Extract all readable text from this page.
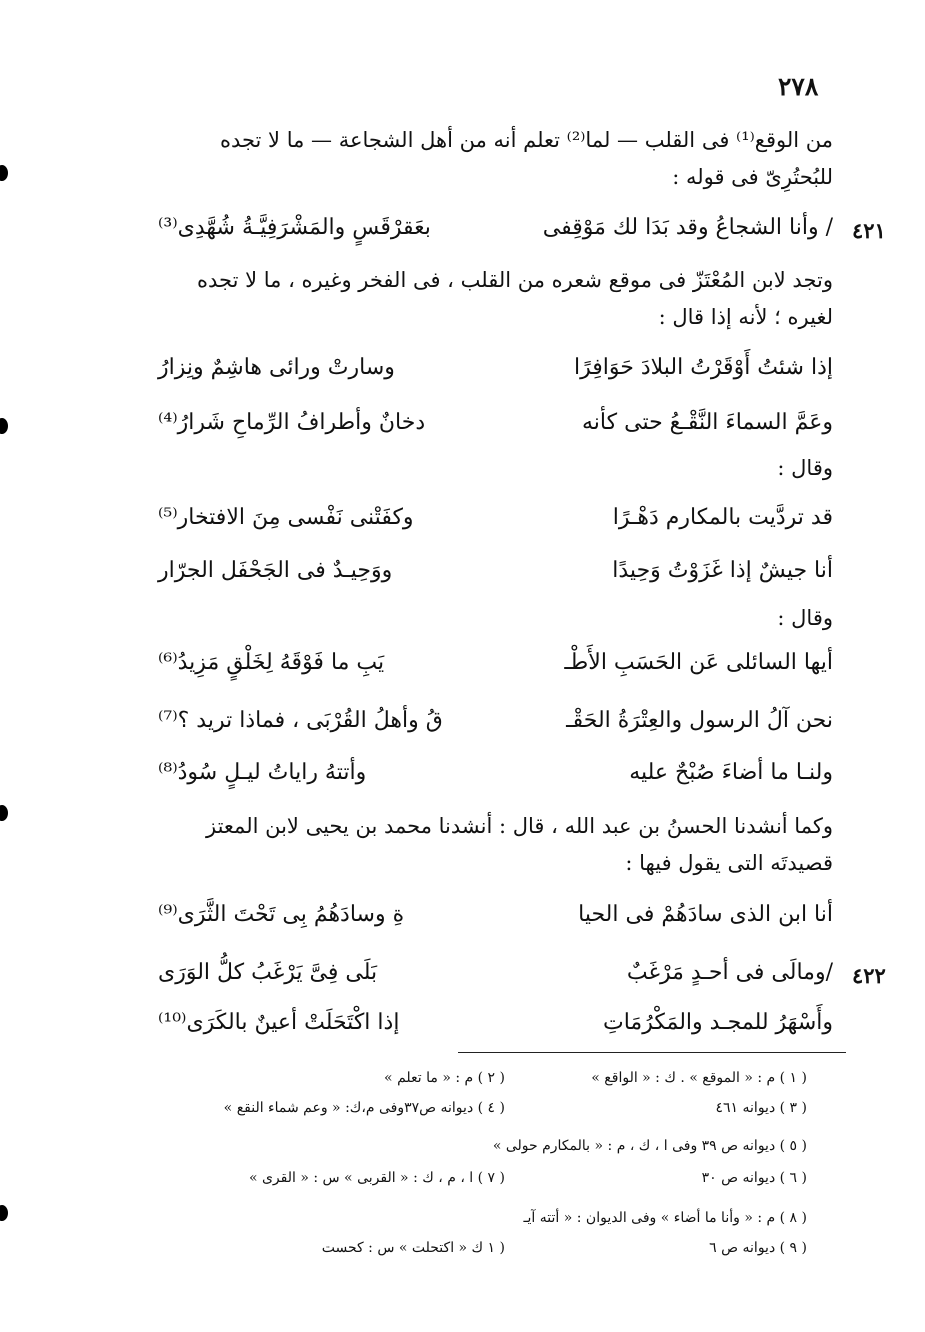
٢٧٨
من الوقع⁽¹⁾ فى القلب — لما⁽²⁾ تعلم أنه من أهل الشجاعة — ما لا تجده
للبُحتُرِىّ فى قوله :
٤٢١
/ وأنا الشجاعُ وقد بَدَا لك مَوْقِفى
بعَقرْقَسٍ والمَشْرَفِيَّـةُ شُهَّدِى⁽³⁾
وتجد لابن المُعْتَزّ فى موقع شعره من القلب ، فى الفخر وغيره ، ما لا تجده
لغيره ؛ لأنه إذا قال :
إذا شئتُ أَوْقَرْتُ البلادَ حَوَافِرًا
وسارتْ ورائى هاشِمٌ ونِزارُ
وعَمَّ السماءَ النَّقْـعُ حتى كأنه
دخانٌ وأطرافُ الرِّماحِ شَرارُ⁽⁴⁾
وقال :
قد تردَّيت بالمكارم دَهْـرًا
وكفَتْنى نَفْسى مِنَ الافتخار⁽⁵⁾
أنا جيشٌ إذا غَزَوْتُ وَحِيدًا
ووَحِيـدٌ فى الجَحْفَل الجرّار
وقال :
أيها السائلى عَن الحَسَبِ الأَطْـ
يَبِ ما فَوْقَهُ لِخَلْقٍ مَزِيدُ⁽⁶⁾
نحن آلُ الرسول والعِتْرَةُ الحَقْـ
قُ وأهلُ القُرْبَى ، فماذا تريد ؟⁽⁷⁾
ولنـا ما أضاءَ صُبْحٌ عليه
وأتتهُ راياتُ ليـلٍ سُودُ⁽⁸⁾
وكما أنشدنا الحسنُ بن عبد الله ، قال : أنشدنا محمد بن يحيى لابن المعتز
قصيدتَه التى يقول فيها :
أنا ابن الذى سادَهُمْ فى الحيا
ةِ وسادَهُمُ بِى تَحْتَ الثَّرَى⁽⁹⁾
٤٢٢
/ومالَى فى أحـدٍ مَرْغَبٌ
بَلَى فِىَّ يَرْغَبُ كلُّ الوَرَى
وأَسْهَرُ للمجـد والمَكْرُمَاتِ
إذا اكْتَحَلَتْ أعينٌ بالكَرَى⁽¹⁰⁾
( ١ ) م : « الموقع » . ك : « الواقع »
( ٢ ) م : « ما تعلم »
( ٣ ) ديوانه ٤٦١
( ٤ ) ديوانه ص٣٧وفى م،ك: « وعم شماء النقع »
( ٥ ) ديوانه ص ٣٩ وفى ا ، ك ، م : « بالمكارم حولى »
( ٦ ) ديوانه ص ٣٠
( ٧ ) ا ، م ، ك : « القربى » س : « القرى »
( ٨ ) م : « وأنا ما أضاء » وفى الديوان : « أتته آيـ
( ٩ ) ديوانه ص ٦
( ١ ك « اكتحلت » س : كحست
